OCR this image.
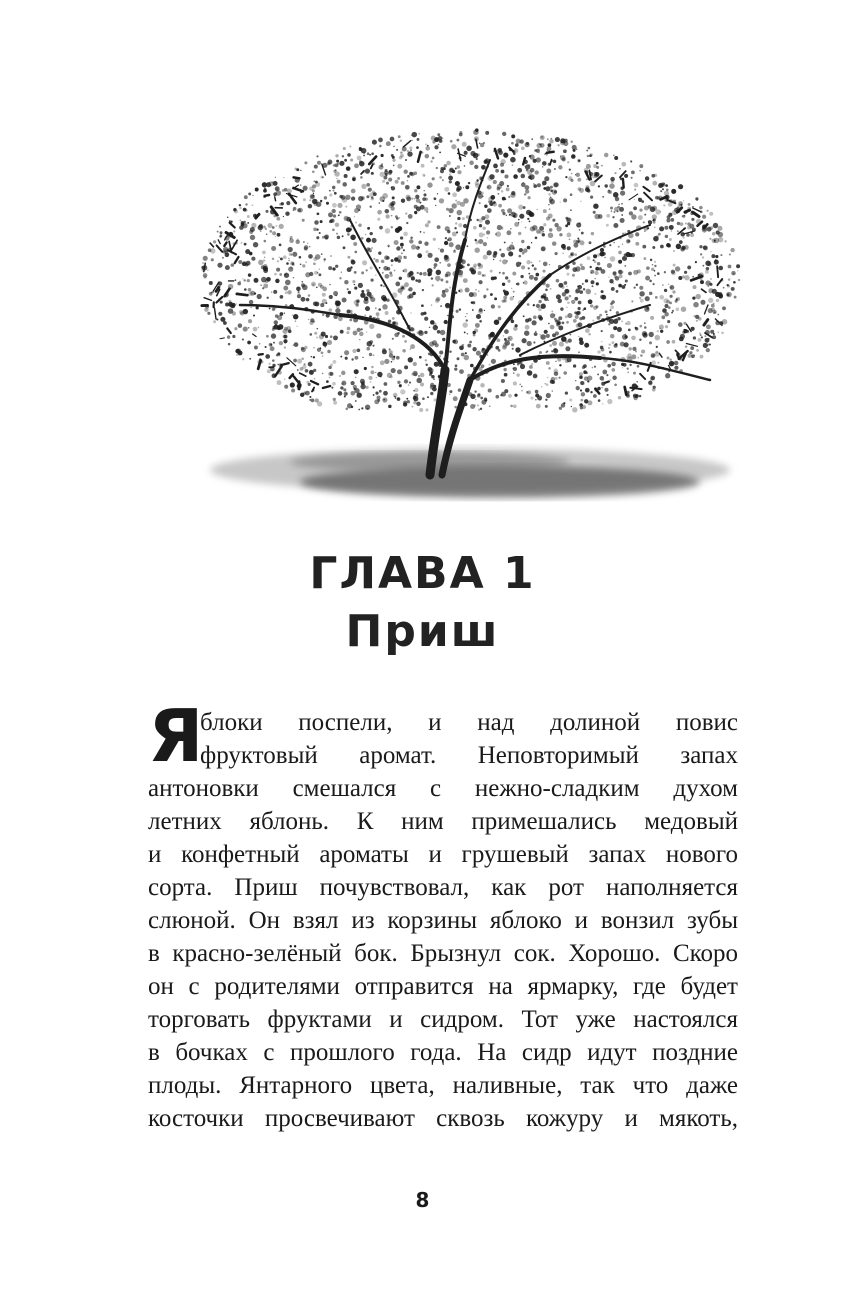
ГЛАВА 1
Приш
Я
блоки поспели, и над долиной повис
фруктовый аромат. Неповторимый запах
антоновки смешался с нежно-сладким духом
летних яблонь. К ним примешались медовый
и конфетный ароматы и грушевый запах нового
сорта. Приш почувствовал, как рот наполняется
слюной. Он взял из корзины яблоко и вонзил зубы
в красно-зелёный бок. Брызнул сок. Хорошо. Скоро
он с родителями отправится на ярмарку, где будет
торговать фруктами и сидром. Тот уже настоялся
в бочках с прошлого года. На сидр идут поздние
плоды. Янтарного цвета, наливные, так что даже
косточки просвечивают сквозь кожуру и мякоть,
8
